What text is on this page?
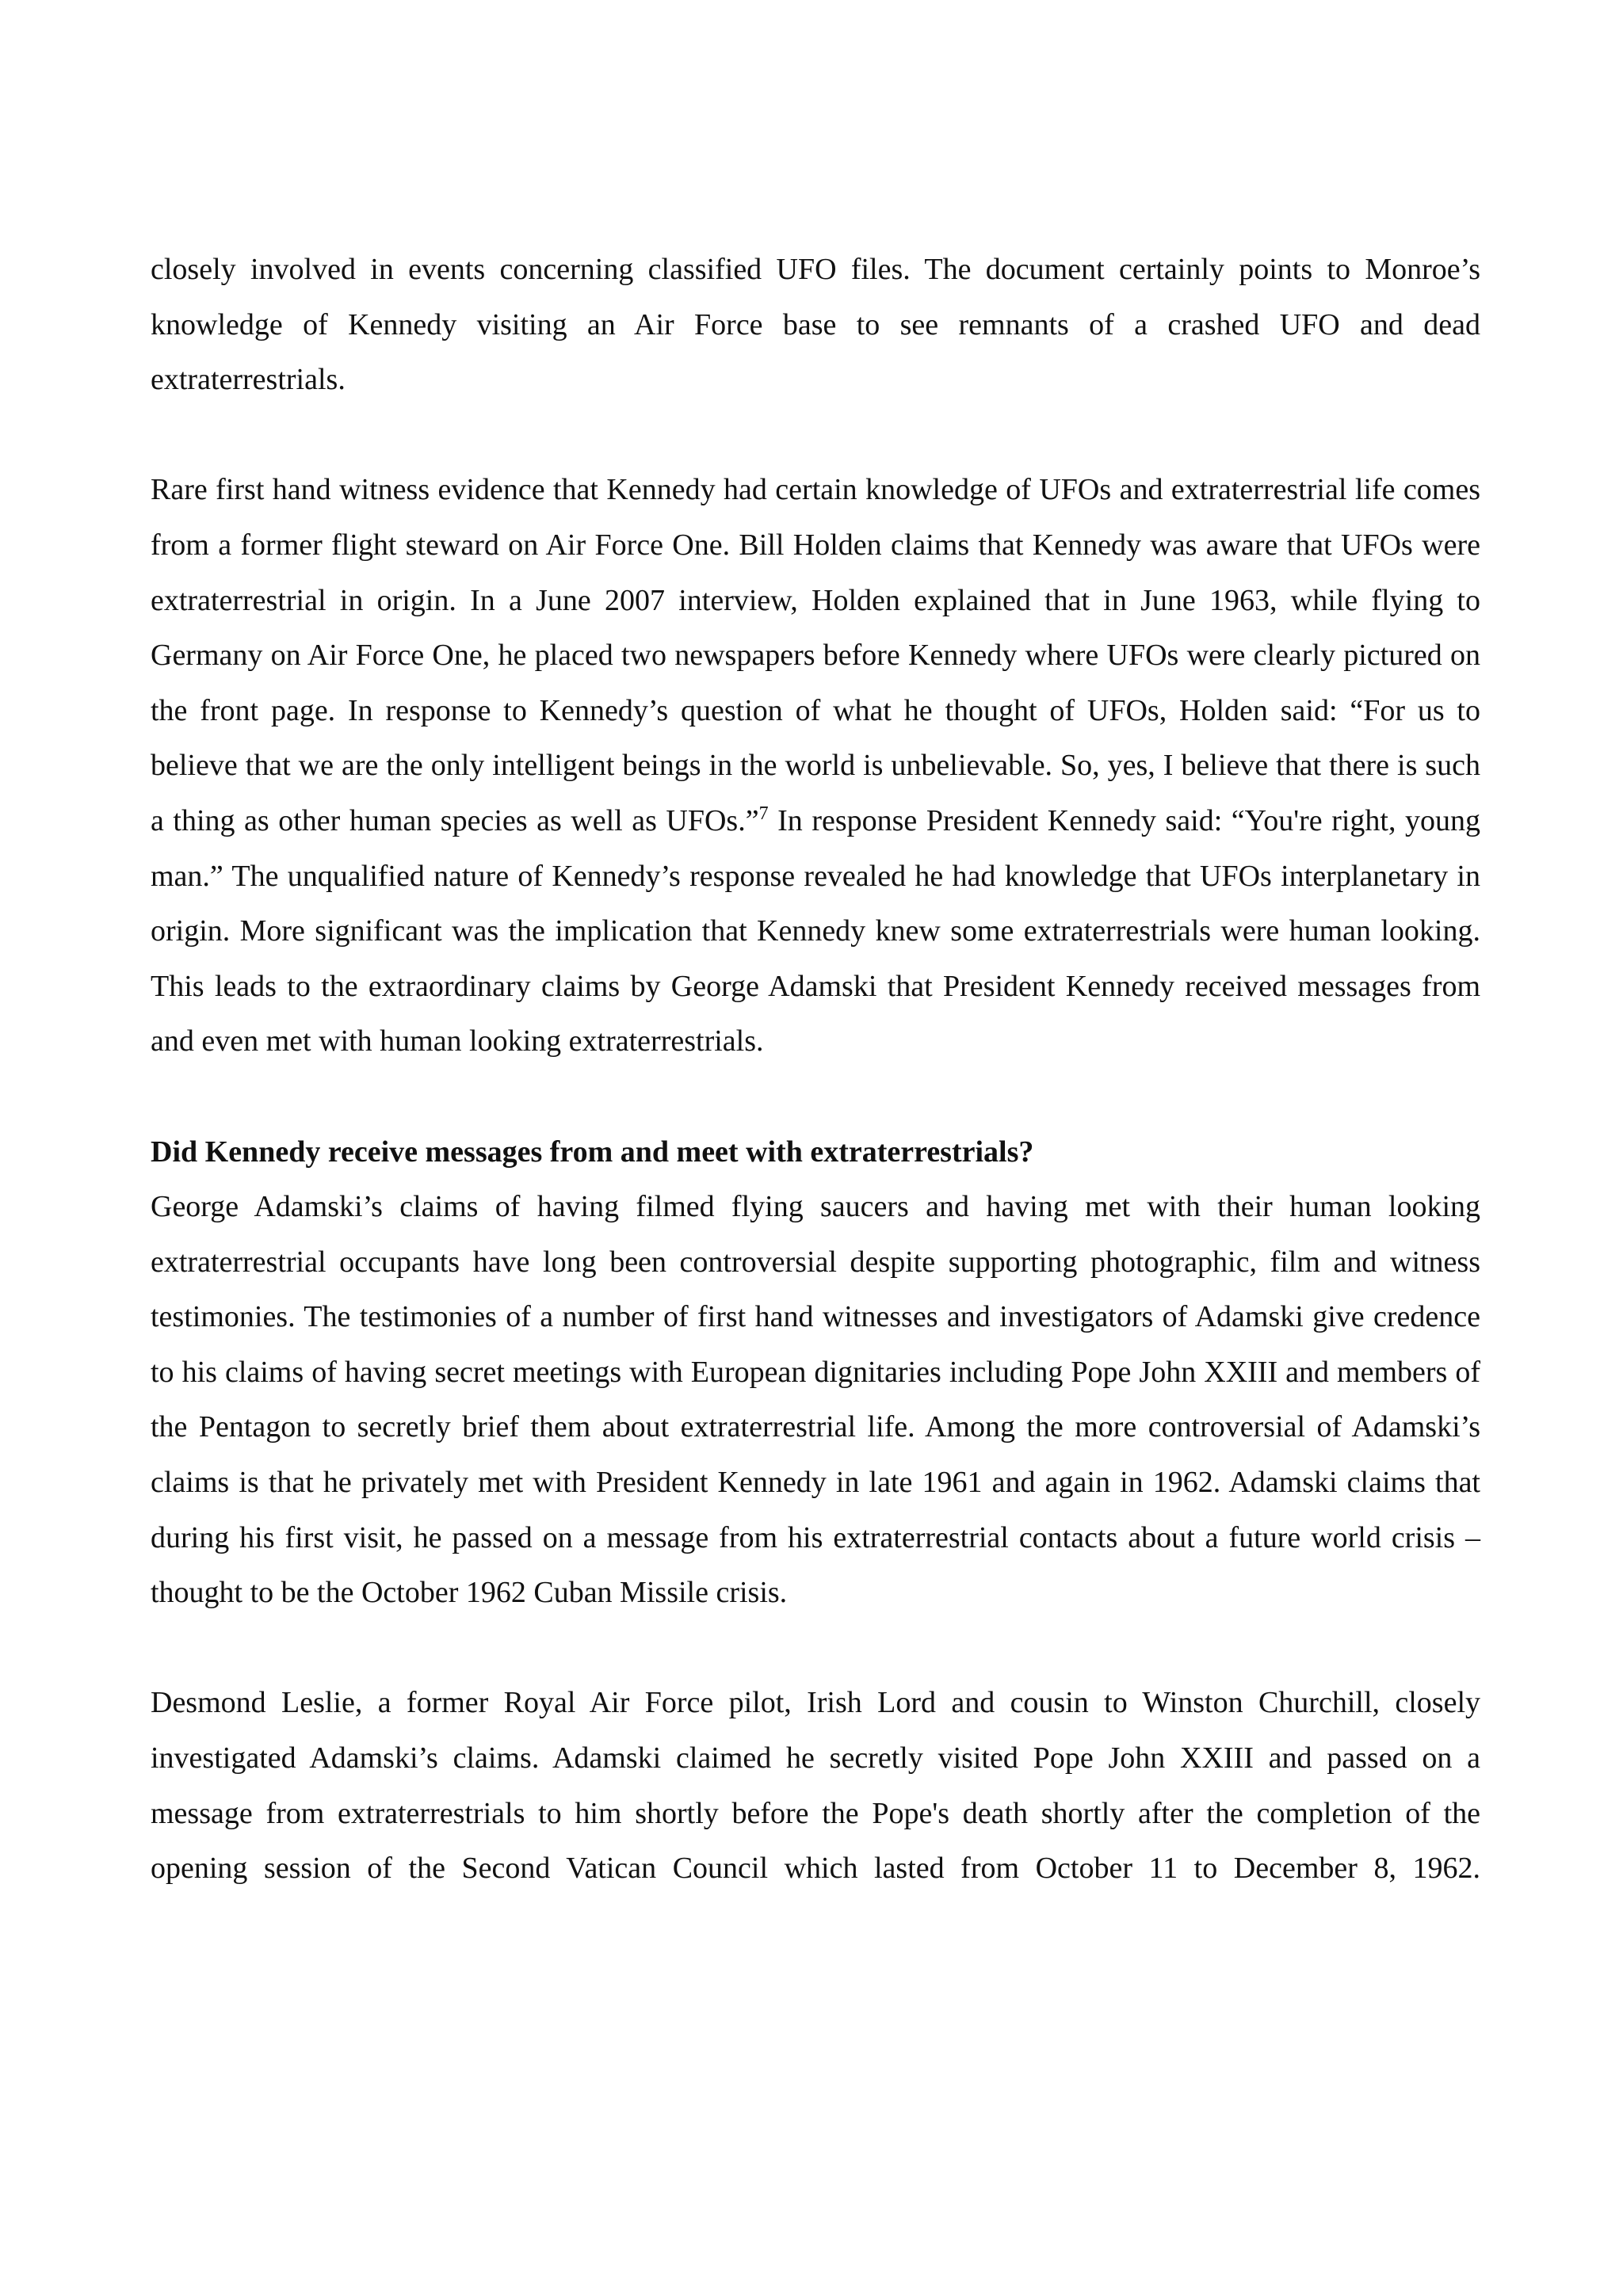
closely involved in events concerning classified UFO files. The document certainly points to Monroe’s knowledge of Kennedy visiting an Air Force base to see remnants of a crashed UFO and dead extraterrestrials.

Rare first hand witness evidence that Kennedy had certain knowledge of UFOs and extraterrestrial life comes from a former flight steward on Air Force One. Bill Holden claims that Kennedy was aware that UFOs were extraterrestrial in origin. In a June 2007 interview, Holden explained that in June 1963, while flying to Germany on Air Force One, he placed two newspapers before Kennedy where UFOs were clearly pictured on the front page. In response to Kennedy’s question of what he thought of UFOs, Holden said: “For us to believe that we are the only intelligent beings in the world is unbelievable. So, yes, I believe that there is such a thing as other human species as well as UFOs.”$^7$ In response President Kennedy said: “You're right, young man.” The unqualified nature of Kennedy’s response revealed he had knowledge that UFOs interplanetary in origin. More significant was the implication that Kennedy knew some extraterrestrials were human looking. This leads to the extraordinary claims by George Adamski that President Kennedy received messages from and even met with human looking extraterrestrials.

Did Kennedy receive messages from and meet with extraterrestrials?

George Adamski’s claims of having filmed flying saucers and having met with their human looking extraterrestrial occupants have long been controversial despite supporting photographic, film and witness testimonies. The testimonies of a number of first hand witnesses and investigators of Adamski give credence to his claims of having secret meetings with European dignitaries including Pope John XXIII and members of the Pentagon to secretly brief them about extraterrestrial life. Among the more controversial of Adamski’s claims is that he privately met with President Kennedy in late 1961 and again in 1962. Adamski claims that during his first visit, he passed on a message from his extraterrestrial contacts about a future world crisis – thought to be the October 1962 Cuban Missile crisis.

Desmond Leslie, a former Royal Air Force pilot, Irish Lord and cousin to Winston Churchill, closely investigated Adamski’s claims. Adamski claimed he secretly visited Pope John XXIII and passed on a message from extraterrestrials to him shortly before the Pope's death shortly after the completion of the opening session of the Second Vatican Council which lasted from October 11 to December 8, 1962.
